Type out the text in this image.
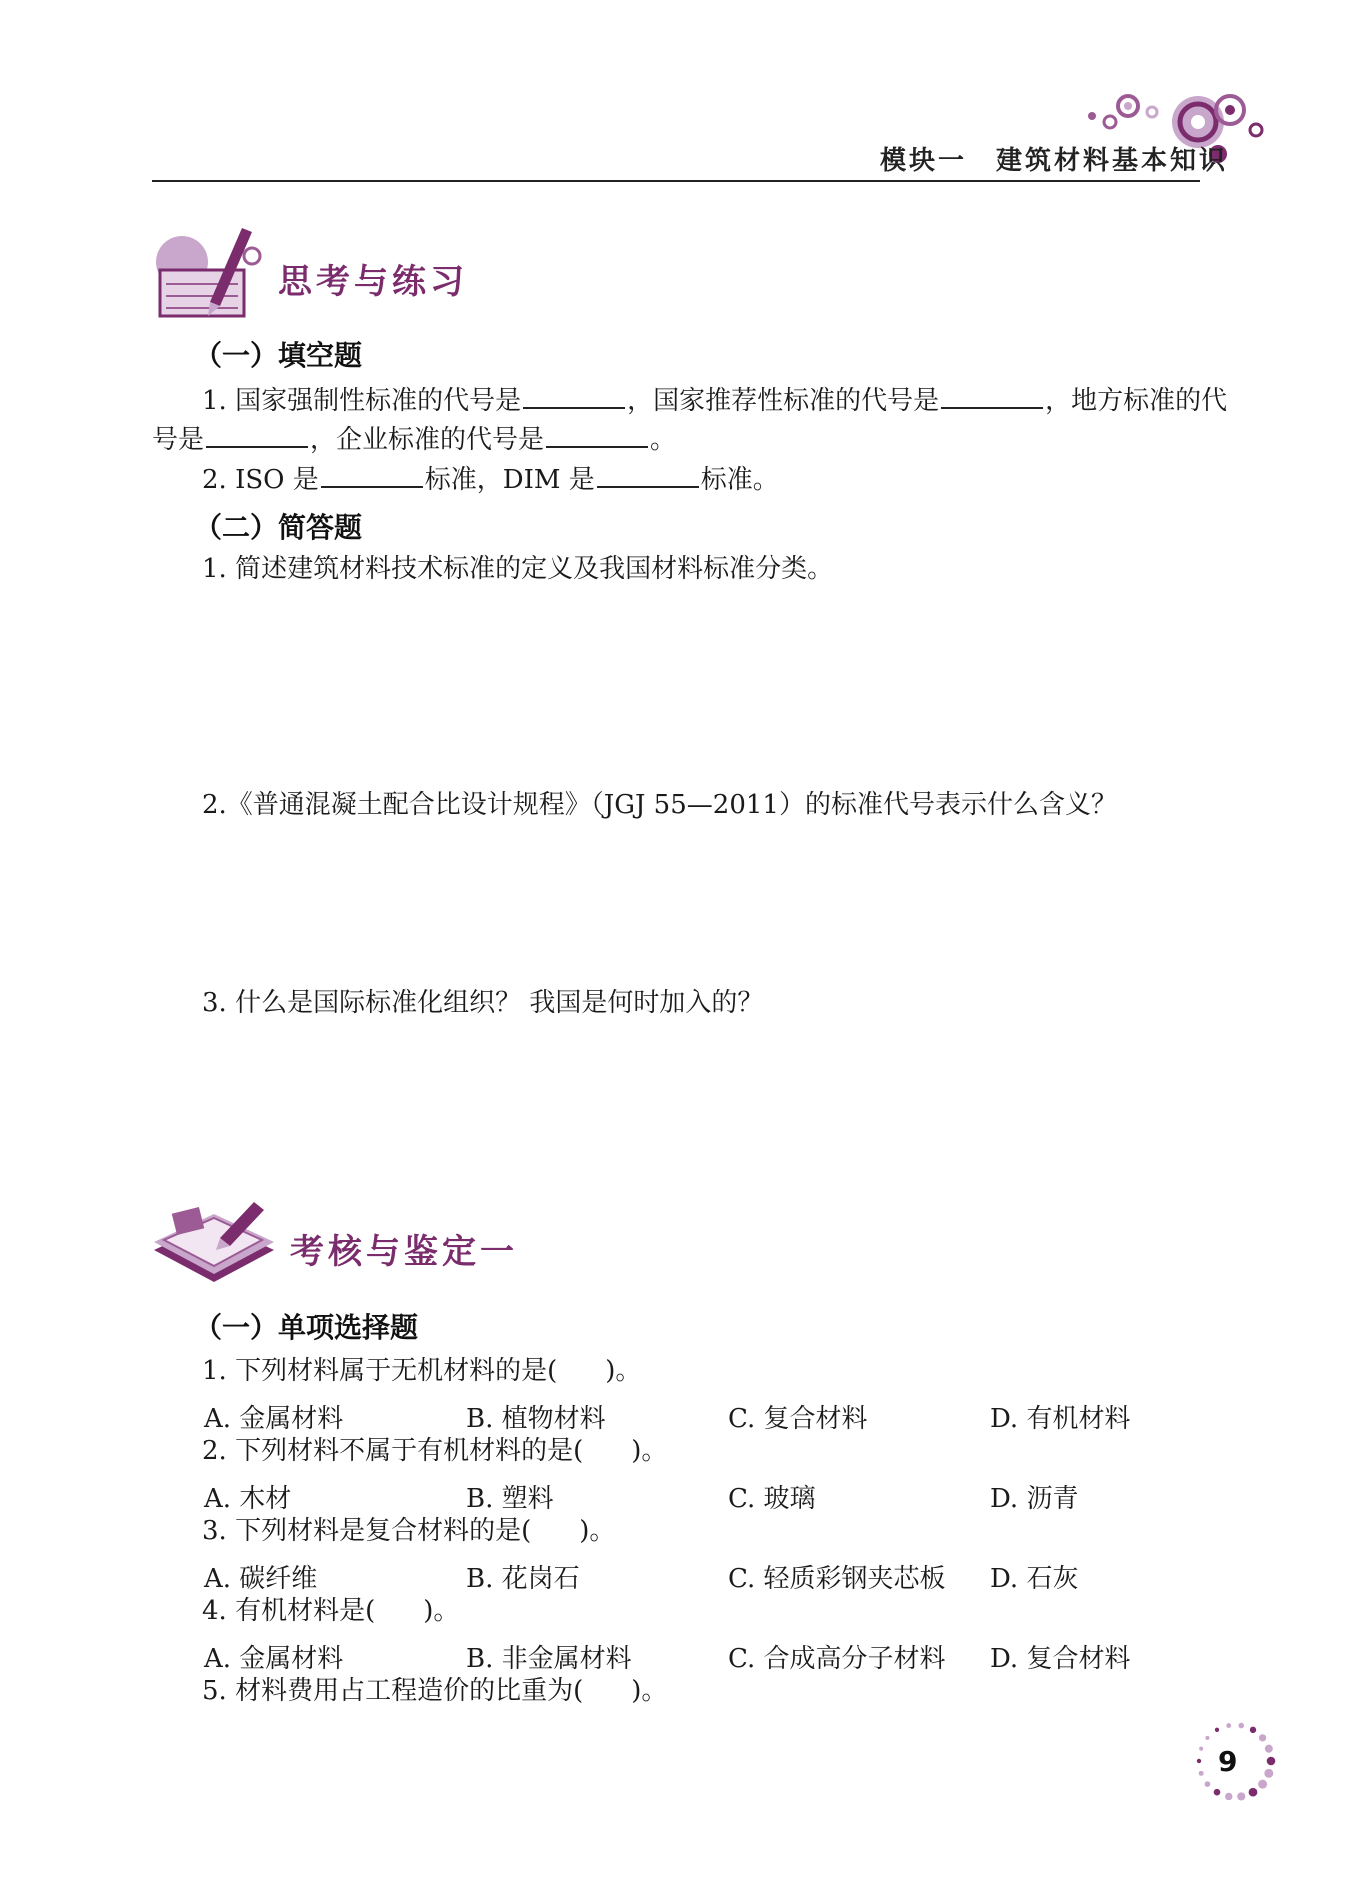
模块一　建筑材料基本知识
思考与练习
（一）填空题
1. 国家强制性标准的代号是	，国家推荐性标准的代号是	，地方标准的代
号是	，企业标准的代号是	。
2. ISO 是	标准，DIM 是	标准。
（二）简答题
1. 简述建筑材料技术标准的定义及我国材料标准分类。
2.《普通混凝土配合比设计规程》（JGJ 55—2011）的标准代号表示什么含义？
3. 什么是国际标准化组织？ 我国是何时加入的？
考核与鉴定一
（一）单项选择题
1. 下列材料属于无机材料的是( )。
A. 金属材料	B. 植物材料	C. 复合材料	D. 有机材料
2. 下列材料不属于有机材料的是( )。
A. 木材	B. 塑料	C. 玻璃	D. 沥青
3. 下列材料是复合材料的是( )。
A. 碳纤维	B. 花岗石	C. 轻质彩钢夹芯板 D. 石灰
4. 有机材料是( )。
A. 金属材料	B. 非金属材料	C. 合成高分子材料 D. 复合材料
5. 材料费用占工程造价的比重为( )。
9
